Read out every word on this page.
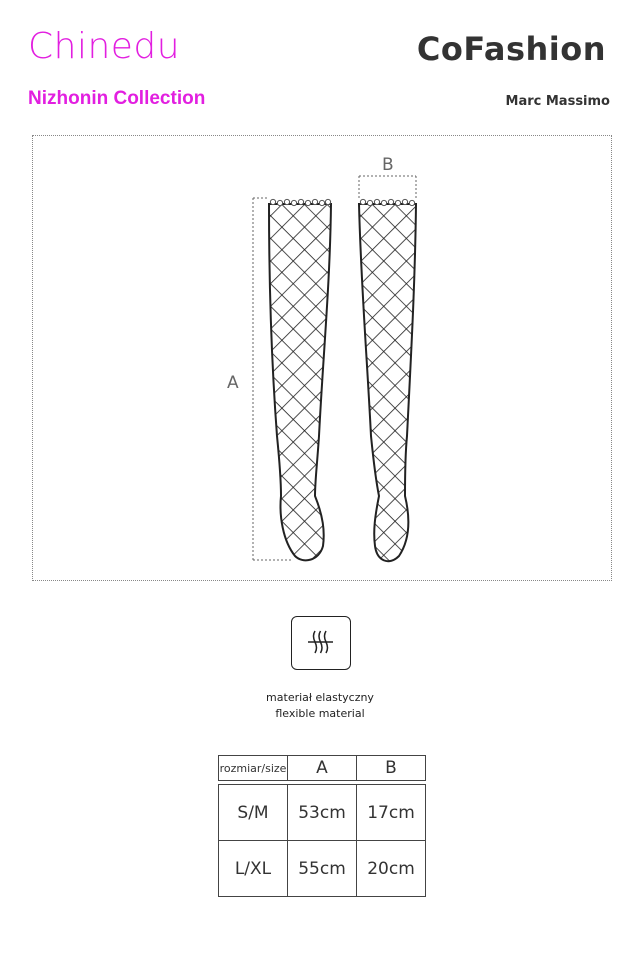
Chinedu
Nizhonin Collection
CoFashion
Marc Massimo
A
B
materiał elastyczny
flexible material
rozmiar/size	A	B

S/M	53cm	17cm
L/XL	55cm	20cm
